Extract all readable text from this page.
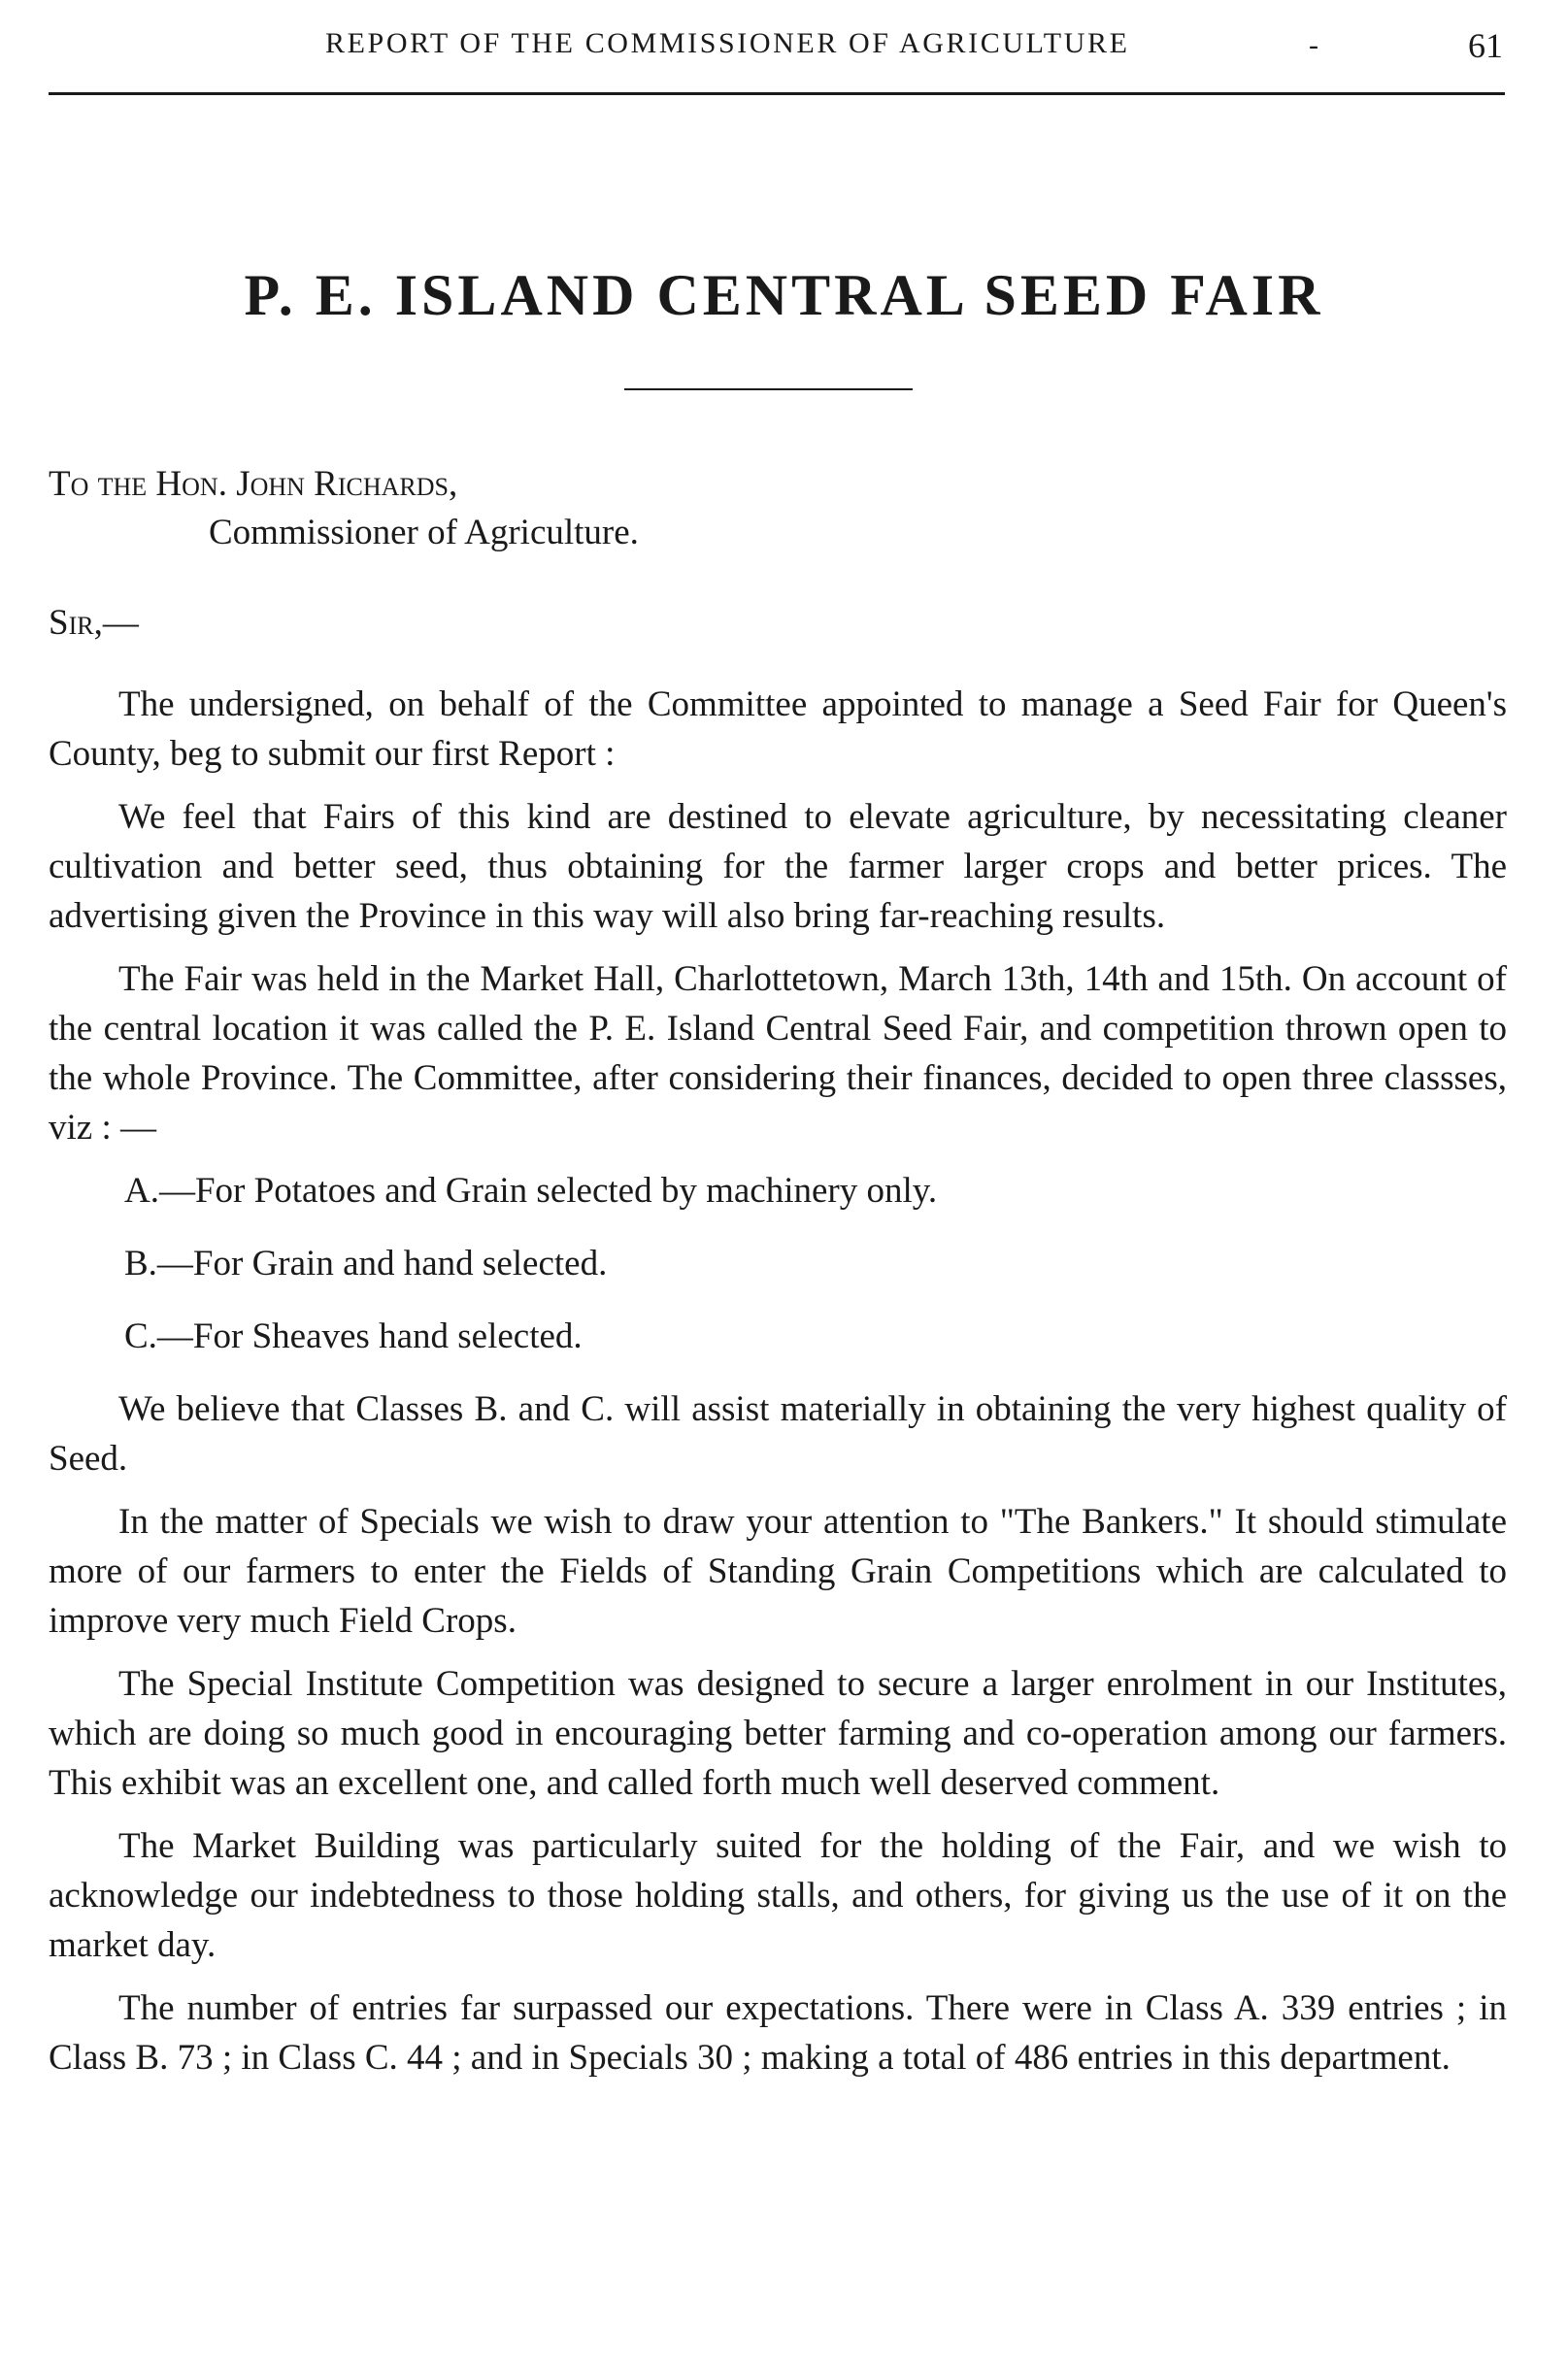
REPORT OF THE COMMISSIONER OF AGRICULTURE	-	61
P. E. ISLAND CENTRAL SEED FAIR
To the Hon. John Richards,
Commissioner of Agriculture.
Sir,—

The undersigned, on behalf of the Committee appointed to manage a Seed Fair for Queen's County, beg to submit our first Report :

We feel that Fairs of this kind are destined to elevate agriculture, by necessitating cleaner cultivation and better seed, thus obtaining for the farmer larger crops and better prices. The advertising given the Province in this way will also bring far-reaching results.

The Fair was held in the Market Hall, Charlottetown, March 13th, 14th and 15th. On account of the central location it was called the P. E. Island Central Seed Fair, and competition thrown open to the whole Province. The Committee, after considering their finances, decided to open three classses, viz : —

A.—For Potatoes and Grain selected by machinery only.

B.—For Grain and hand selected.

C.—For Sheaves hand selected.

We believe that Classes B. and C. will assist materially in obtaining the very highest quality of Seed.

In the matter of Specials we wish to draw your attention to "The Bankers." It should stimulate more of our farmers to enter the Fields of Standing Grain Competitions which are calculated to improve very much Field Crops.

The Special Institute Competition was designed to secure a larger enrolment in our Institutes, which are doing so much good in encouraging better farming and co-operation among our farmers. This exhibit was an excellent one, and called forth much well deserved comment.

The Market Building was particularly suited for the holding of the Fair, and we wish to acknowledge our indebtedness to those holding stalls, and others, for giving us the use of it on the market day.

The number of entries far surpassed our expectations. There were in Class A. 339 entries ; in Class B. 73 ; in Class C. 44 ; and in Specials 30 ; making a total of 486 entries in this department.
